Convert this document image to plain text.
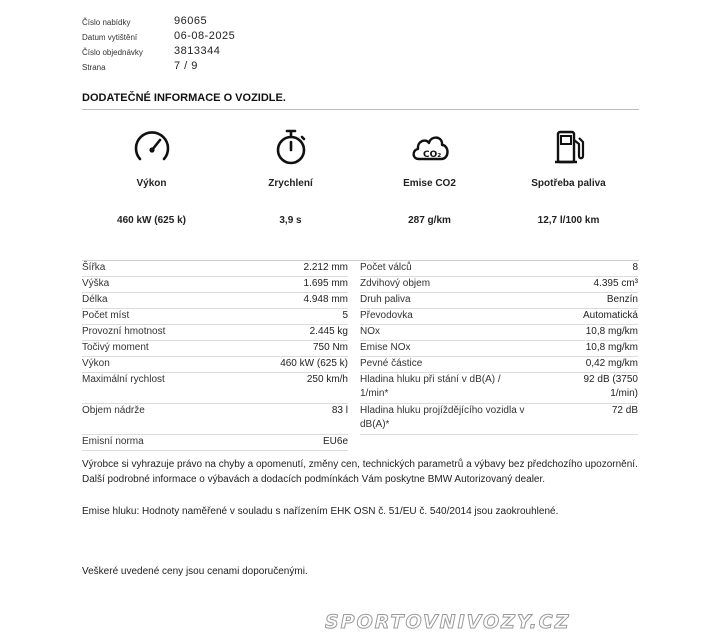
Číslo nabídky	96065
Datum vytištění	06-08-2025
Číslo objednávky	3813344
Strana	7 / 9
DODATEČNÉ INFORMACE O VOZIDLE.
Výkon
460 kW (625 k)
Zrychlení
3,9 s
CO₂
Emise CO2
287 g/km
Spotřeba paliva
12,7 l/100 km
Šířka	2.212 mm
Výška	1.695 mm
Délka	4.948 mm
Počet míst	5
Provozní hmotnost	2.445 kg
Točivý moment	750 Nm
Výkon	460 kW (625 k)
Maximální rychlost	250 km/h
Objem nádrže	83 l
Emisní norma	EU6e
Počet válců	8
Zdvihový objem	4.395 cm³
Druh paliva	Benzín
Převodovka	Automatická
NOx	10,8 mg/km
Emise NOx	10,8 mg/km
Pevné částice	0,42 mg/km
Hladina hluku při stání v dB(A) / 1/min*
92 dB (3750 1/min)
Hladina hluku projíždějícího vozidla v dB(A)*
72 dB
Výrobce si vyhrazuje právo na chyby a opomenutí, změny cen, technických parametrů a výbavy bez předchozího upozornění. Další podrobné informace o výbavách a dodacích podmínkách Vám poskytne BMW Autorizovaný dealer.
Emise hluku: Hodnoty naměřené v souladu s nařízením EHK OSN č. 51/EU č. 540/2014 jsou zaokrouhlené.
Veškeré uvedené ceny jsou cenami doporučenými.
SPORTOVNIVOZY.CZ
